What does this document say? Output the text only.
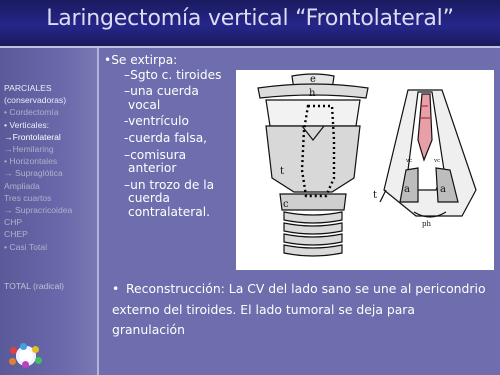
Laringectomía vertical “Frontolateral”
PARCIALES
(conservadoras)
• Cordectomía
• Verticales:
→Frontolateral
→Hemilaring
• Horizontales
→ Supraglótica
Ampliada
Tres cuartos
→ Supracricoidea
CHP
CHEP
• Casi Total
TOTAL (radical)
•Se extirpa:
–Sgto c. tiroides
–una cuerda vocal
-ventrículo
-cuerda falsa,
–comisura anterior
–un trozo de la cuerda contralateral.
e
h
t
c
t
a	a
ph
vc	vc
• Reconstrucción: La CV del lado sano se une al pericondrio externo del tiroides. El lado tumoral se deja para granulación
